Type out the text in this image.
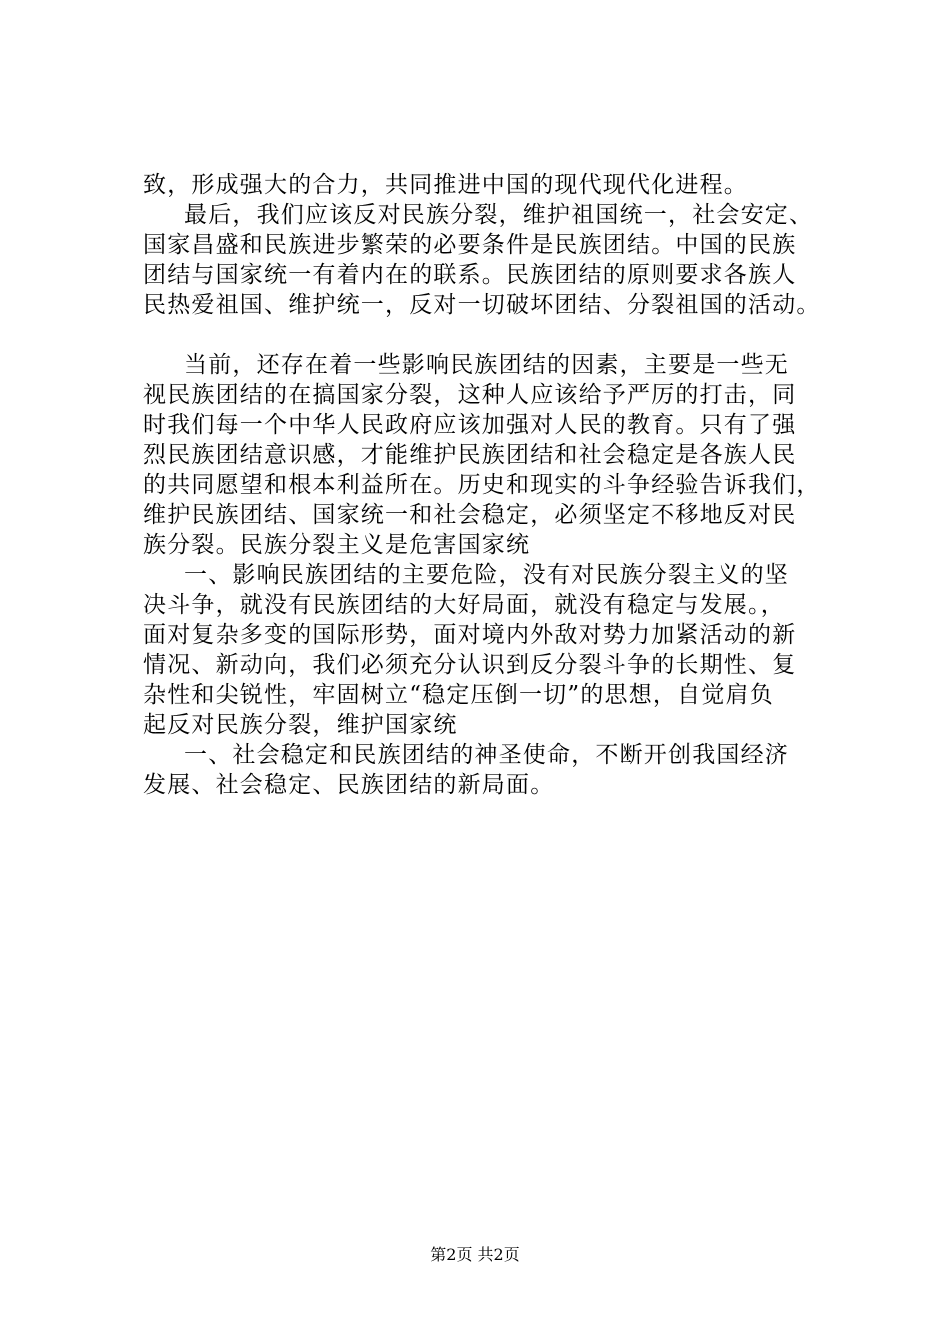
致，形成强大的合力，共同推进中国的现代现代化进程。
最后，我们应该反对民族分裂，维护祖国统一，社会安定、
国家昌盛和民族进步繁荣的必要条件是民族团结。中国的民族
团结与国家统一有着内在的联系。民族团结的原则要求各族人
民热爱祖国、维护统一，反对一切破坏团结、分裂祖国的活动。
当前，还存在着一些影响民族团结的因素，主要是一些无
视民族团结的在搞国家分裂，这种人应该给予严厉的打击，同
时我们每一个中华人民政府应该加强对人民的教育。只有了强
烈民族团结意识感，才能维护民族团结和社会稳定是各族人民
的共同愿望和根本利益所在。历史和现实的斗争经验告诉我们，
维护民族团结、国家统一和社会稳定，必须坚定不移地反对民
族分裂。民族分裂主义是危害国家统
一、影响民族团结的主要危险，没有对民族分裂主义的坚
决斗争，就没有民族团结的大好局面，就没有稳定与发展。，
面对复杂多变的国际形势，面对境内外敌对势力加紧活动的新
情况、新动向，我们必须充分认识到反分裂斗争的长期性、复
杂性和尖锐性，牢固树立“稳定压倒一切”的思想，自觉肩负
起反对民族分裂，维护国家统
一、社会稳定和民族团结的神圣使命，不断开创我国经济
发展、社会稳定、民族团结的新局面。
第2页 共2页
